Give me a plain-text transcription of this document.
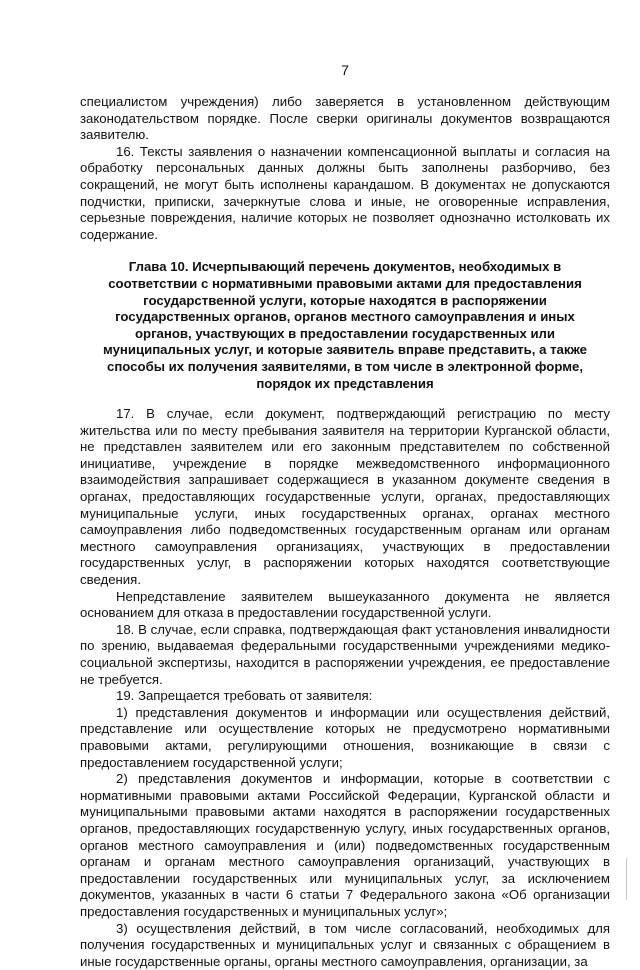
7

специалистом учреждения) либо заверяется в установленном действующим законодательством порядке. После сверки оригиналы документов возвращаются заявителю.

16. Тексты заявления о назначении компенсационной выплаты и согласия на обработку персональных данных должны быть заполнены разборчиво, без сокращений, не могут быть исполнены карандашом. В документах не допускаются подчистки, приписки, зачеркнутые слова и иные, не оговоренные исправления, серьезные повреждения, наличие которых не позволяет однозначно истолковать их содержание.

Глава 10. Исчерпывающий перечень документов, необходимых в соответствии с нормативными правовыми актами для предоставления государственной услуги, которые находятся в распоряжении государственных органов, органов местного самоуправления и иных органов, участвующих в предоставлении государственных или муниципальных услуг, и которые заявитель вправе представить, а также способы их получения заявителями, в том числе в электронной форме, порядок их представления

17. В случае, если документ, подтверждающий регистрацию по месту жительства или по месту пребывания заявителя на территории Курганской области, не представлен заявителем или его законным представителем по собственной инициативе, учреждение в порядке межведомственного информационного взаимодействия запрашивает содержащиеся в указанном документе сведения в органах, предоставляющих государственные услуги, органах, предоставляющих муниципальные услуги, иных государственных органах, органах местного самоуправления либо подведомственных государственным органам или органам местного самоуправления организациях, участвующих в предоставлении государственных услуг, в распоряжении которых находятся соответствующие сведения.

Непредставление заявителем вышеуказанного документа не является основанием для отказа в предоставлении государственной услуги.

18. В случае, если справка, подтверждающая факт установления инвалидности по зрению, выдаваемая федеральными государственными учреждениями медико-социальной экспертизы, находится в распоряжении учреждения, ее предоставление не требуется.

19. Запрещается требовать от заявителя:

1) представления документов и информации или осуществления действий, представление или осуществление которых не предусмотрено нормативными правовыми актами, регулирующими отношения, возникающие в связи с предоставлением государственной услуги;

2) представления документов и информации, которые в соответствии с нормативными правовыми актами Российской Федерации, Курганской области и муниципальными правовыми актами находятся в распоряжении государственных органов, предоставляющих государственную услугу, иных государственных органов, органов местного самоуправления и (или) подведомственных государственным органам и органам местного самоуправления организаций, участвующих в предоставлении государственных или муниципальных услуг, за исключением документов, указанных в части 6 статьи 7 Федерального закона «Об организации предоставления государственных и муниципальных услуг»;

3) осуществления действий, в том числе согласований, необходимых для получения государственных и муниципальных услуг и связанных с обращением в иные государственные органы, органы местного самоуправления, организации, за
